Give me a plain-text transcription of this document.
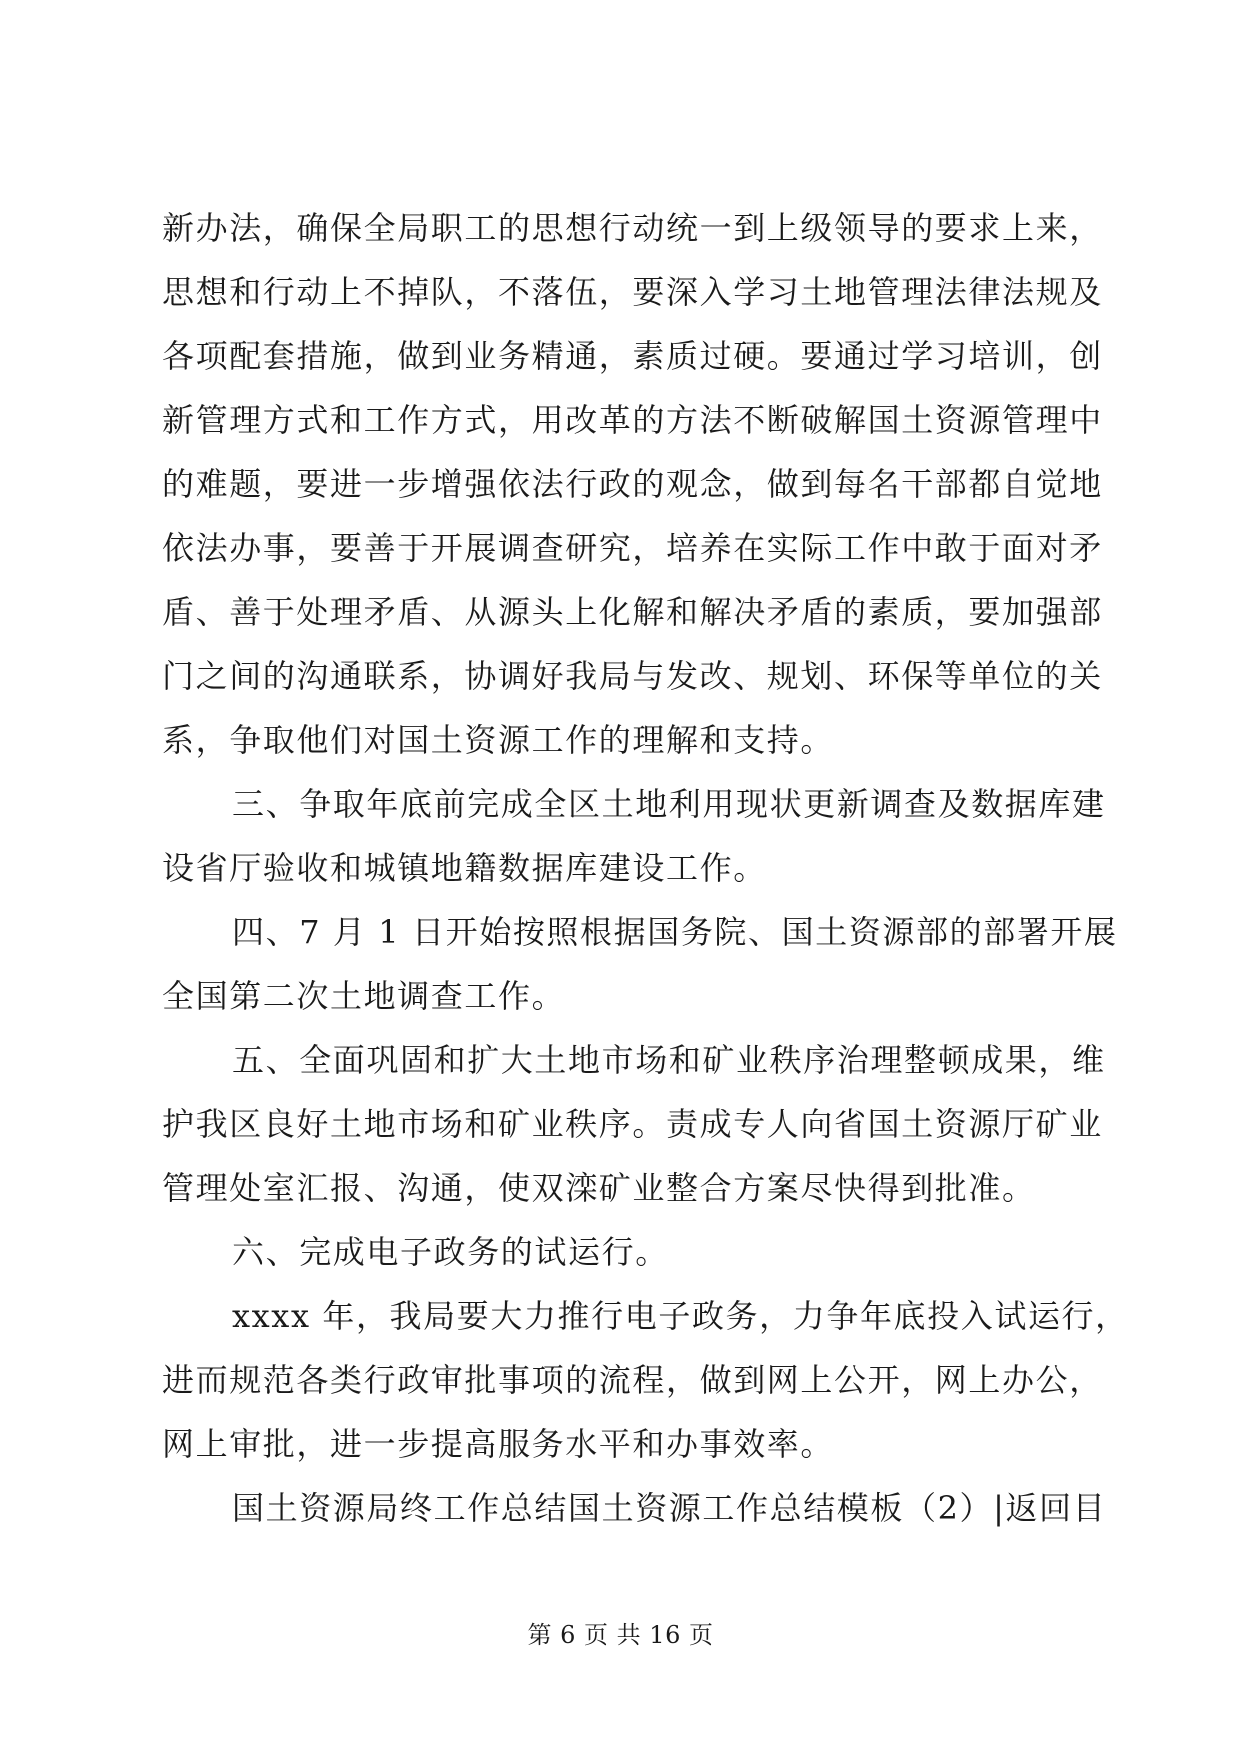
新办法，确保全局职工的思想行动统一到上级领导的要求上来，
思想和行动上不掉队，不落伍，要深入学习土地管理法律法规及
各项配套措施，做到业务精通，素质过硬。要通过学习培训，创
新管理方式和工作方式，用改革的方法不断破解国土资源管理中
的难题，要进一步增强依法行政的观念，做到每名干部都自觉地
依法办事，要善于开展调查研究，培养在实际工作中敢于面对矛
盾、善于处理矛盾、从源头上化解和解决矛盾的素质，要加强部
门之间的沟通联系，协调好我局与发改、规划、环保等单位的关
系，争取他们对国土资源工作的理解和支持。
三、争取年底前完成全区土地利用现状更新调查及数据库建
设省厅验收和城镇地籍数据库建设工作。
四、7 月 1 日开始按照根据国务院、国土资源部的部署开展
全国第二次土地调查工作。
五、全面巩固和扩大土地市场和矿业秩序治理整顿成果，维
护我区良好土地市场和矿业秩序。责成专人向省国土资源厅矿业
管理处室汇报、沟通，使双滦矿业整合方案尽快得到批准。
六、完成电子政务的试运行。
xxxx 年，我局要大力推行电子政务，力争年底投入试运行，
进而规范各类行政审批事项的流程，做到网上公开，网上办公，
网上审批，进一步提高服务水平和办事效率。
国土资源局终工作总结国土资源工作总结模板（2）|返回目
第 6 页 共 16 页
